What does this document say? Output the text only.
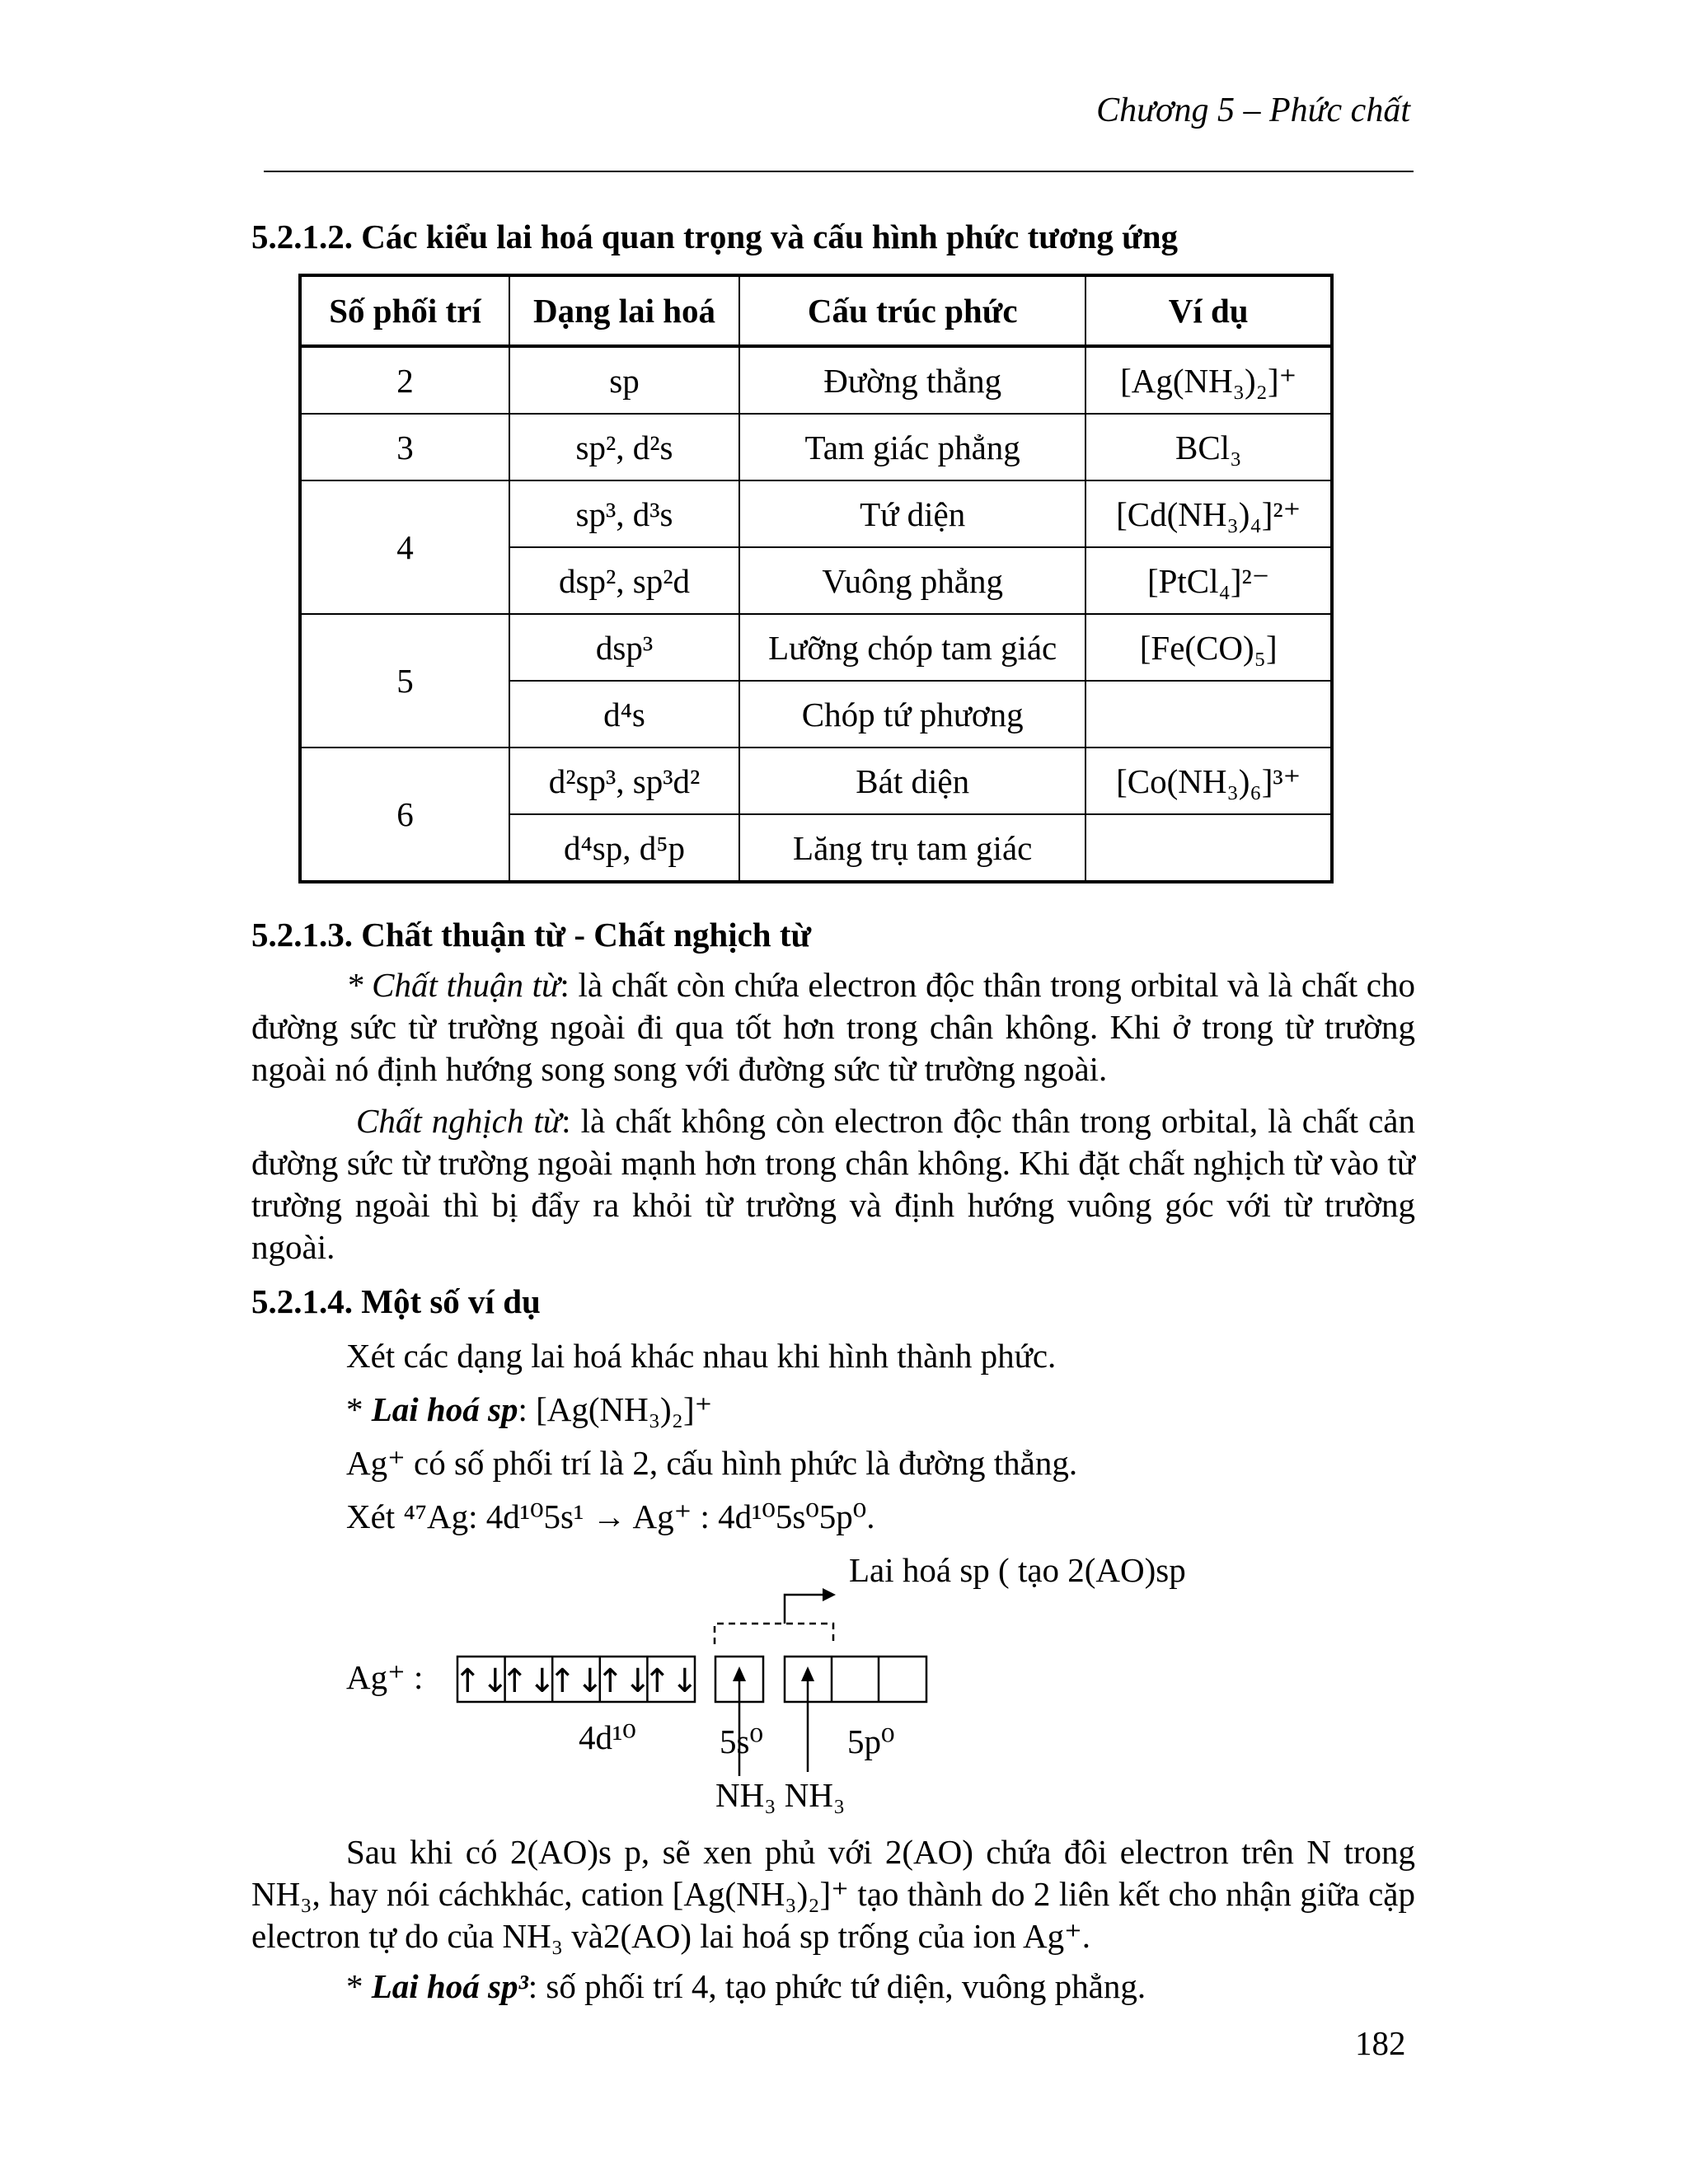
Chương 5 – Phức chất
5.2.1.2. Các kiểu lai hoá quan trọng và cấu hình phức tương ứng
Số phối trí	Dạng lai hoá	Cấu trúc phức	Ví dụ
2	sp	Đường thẳng	[Ag(NH₃)₂]⁺
3	sp², d²s	Tam giác phẳng	BCl₃
4	sp³, d³s	Tứ diện	[Cd(NH₃)₄]²⁺
	dsp², sp²d	Vuông phẳng	[PtCl₄]²⁻
5	dsp³	Lưỡng chóp tam giác	[Fe(CO)₅]
	d⁴s	Chóp tứ phương	
6	d²sp³, sp³d²	Bát diện	[Co(NH₃)₆]³⁺
	d⁴sp, d⁵p	Lăng trụ tam giác	
5.2.1.3. Chất thuận từ - Chất nghịch từ
* Chất thuận từ: là chất còn chứa electron độc thân trong orbital và là chất cho đường sức từ trường ngoài đi qua tốt hơn trong chân không. Khi ở trong từ trường ngoài nó định hướng song song với đường sức từ trường ngoài.
Chất nghịch từ: là chất không còn electron độc thân trong orbital, là chất cản đường sức từ trường ngoài mạnh hơn trong chân không. Khi đặt chất nghịch từ vào từ trường ngoài thì bị đẩy ra khỏi từ trường và định hướng vuông góc với từ trường ngoài.
5.2.1.4. Một số ví dụ
Xét các dạng lai hoá khác nhau khi hình thành phức.
* Lai hoá sp: [Ag(NH₃)₂]⁺
Ag⁺ có số phối trí là 2, cấu hình phức là đường thẳng.
Xét ⁴⁷Ag: 4d¹⁰5s¹ → Ag⁺ : 4d¹⁰5s⁰5p⁰.
Lai hoá sp ( tạo 2(AO)sp
Ag⁺ : ↑↓
↑↓
↑↓
↑↓
↑↓
4d¹⁰ 5s⁰ 5p⁰
NH₃ NH₃
Sau khi có 2(AO)s p, sẽ xen phủ với 2(AO) chứa đôi electron trên N trong NH₃, hay nói cáchkhác, cation [Ag(NH₃)₂]⁺ tạo thành do 2 liên kết cho nhận giữa cặp electron tự do của NH₃ và2(AO) lai hoá sp trống của ion Ag⁺.
* Lai hoá sp³: số phối trí 4, tạo phức tứ diện, vuông phẳng.
182
